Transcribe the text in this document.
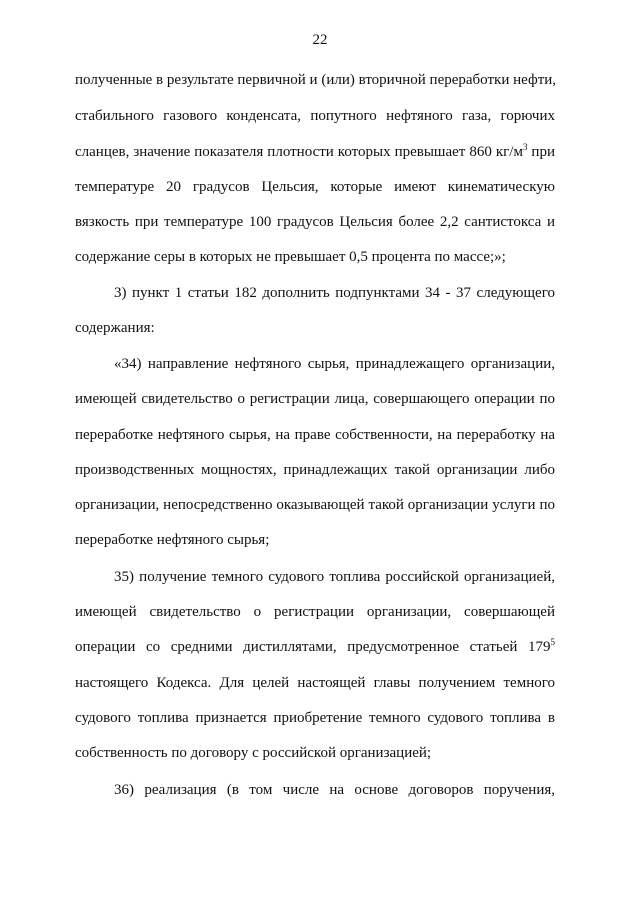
22
полученные в результате первичной и (или) вторичной переработки нефти,
стабильного газового конденсата, попутного нефтяного газа, горючих
сланцев, значение показателя плотности которых превышает 860 $кг/м^3$ при
температуре 20 градусов Цельсия, которые имеют кинематическую
вязкость при температуре 100 градусов Цельсия более 2,2 сантистокса и
содержание серы в которых не превышает 0,5 процента по массе;»;
3) пункт 1 статьи 182 дополнить подпунктами 34 - 37 следующего
содержания:
«34) направление нефтяного сырья, принадлежащего организации,
имеющей свидетельство о регистрации лица, совершающего операции по
переработке нефтяного сырья, на праве собственности, на переработку на
производственных мощностях, принадлежащих такой организации либо
организации, непосредственно оказывающей такой организации услуги по
переработке нефтяного сырья;
35) получение темного судового топлива российской организацией,
имеющей свидетельство о регистрации организации, совершающей
операции со средними дистиллятами, предусмотренное статьей $179^5$
настоящего Кодекса. Для целей настоящей главы получением темного
судового топлива признается приобретение темного судового топлива в
собственность по договору с российской организацией;
36) реализация (в том числе на основе договоров поручения,
